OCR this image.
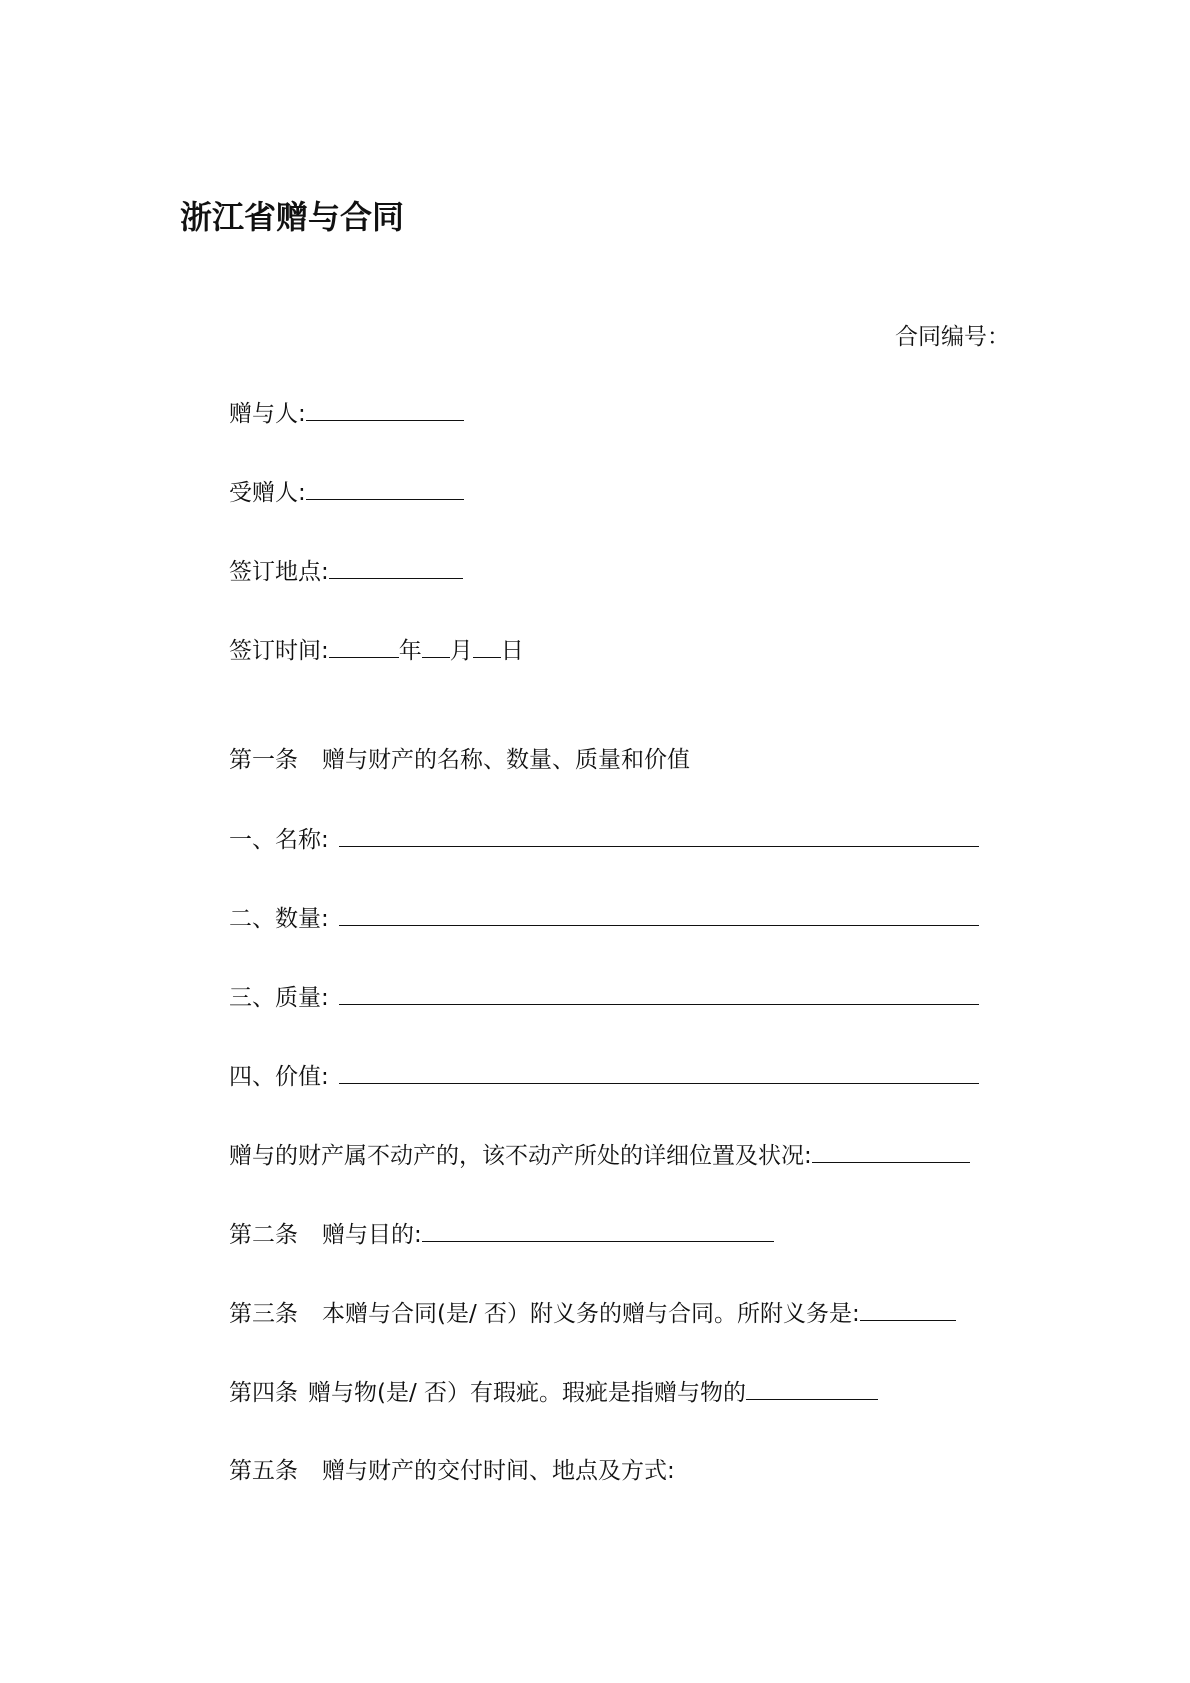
浙江省赠与合同
合同编号：
赠与人:
受赠人:
签订地点:
签订时间:	年 月 日
第一条 赠与财产的名称、数量、质量和价值
一、名称:
二、数量:
三、质量:
四、价值:
赠与的财产属不动产的，该不动产所处的详细位置及状况:
第二条 赠与目的:
第三条 本赠与合同(是/ 否）附义务的赠与合同。所附义务是:
第四条 赠与物(是/ 否）有瑕疵。瑕疵是指赠与物的
第五条 赠与财产的交付时间、地点及方式:
